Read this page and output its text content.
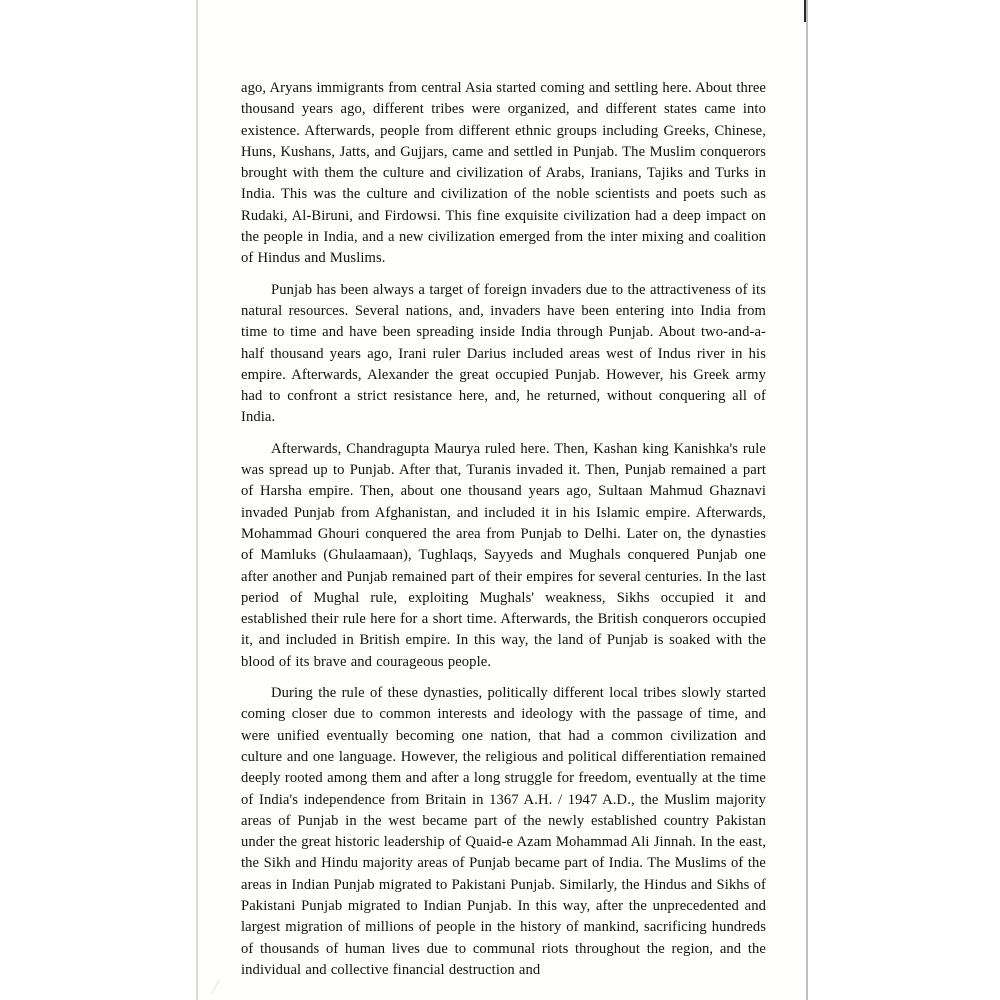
ago, Aryans immigrants from central Asia started coming and settling here. About three thousand years ago, different tribes were organized, and different states came into existence. Afterwards, people from different ethnic groups including Greeks, Chinese, Huns, Kushans, Jatts, and Gujjars, came and settled in Punjab. The Muslim conquerors brought with them the culture and civilization of Arabs, Iranians, Tajiks and Turks in India. This was the culture and civilization of the noble scientists and poets such as Rudaki, Al-Biruni, and Firdowsi. This fine exquisite civilization had a deep impact on the people in India, and a new civilization emerged from the inter mixing and coalition of Hindus and Muslims.

Punjab has been always a target of foreign invaders due to the attractiveness of its natural resources. Several nations, and, invaders have been entering into India from time to time and have been spreading inside India through Punjab. About two-and-a-half thousand years ago, Irani ruler Darius included areas west of Indus river in his empire. Afterwards, Alexander the great occupied Punjab. However, his Greek army had to confront a strict resistance here, and, he returned, without conquering all of India.

Afterwards, Chandragupta Maurya ruled here. Then, Kashan king Kanishka's rule was spread up to Punjab. After that, Turanis invaded it. Then, Punjab remained a part of Harsha empire. Then, about one thousand years ago, Sultaan Mahmud Ghaznavi invaded Punjab from Afghanistan, and included it in his Islamic empire. Afterwards, Mohammad Ghouri conquered the area from Punjab to Delhi. Later on, the dynasties of Mamluks (Ghulaamaan), Tughlaqs, Sayyeds and Mughals conquered Punjab one after another and Punjab remained part of their empires for several centuries. In the last period of Mughal rule, exploiting Mughals' weakness, Sikhs occupied it and established their rule here for a short time. Afterwards, the British conquerors occupied it, and included in British empire. In this way, the land of Punjab is soaked with the blood of its brave and courageous people.

During the rule of these dynasties, politically different local tribes slowly started coming closer due to common interests and ideology with the passage of time, and were unified eventually becoming one nation, that had a common civilization and culture and one language. However, the religious and political differentiation remained deeply rooted among them and after a long struggle for freedom, eventually at the time of India's independence from Britain in 1367 A.H. / 1947 A.D., the Muslim majority areas of Punjab in the west became part of the newly established country Pakistan under the great historic leadership of Quaid-e Azam Mohammad Ali Jinnah. In the east, the Sikh and Hindu majority areas of Punjab became part of India. The Muslims of the areas in Indian Punjab migrated to Pakistani Punjab. Similarly, the Hindus and Sikhs of Pakistani Punjab migrated to Indian Punjab. In this way, after the unprecedented and largest migration of millions of people in the history of mankind, sacrificing hundreds of thousands of human lives due to communal riots throughout the region, and the individual and collective financial destruction and
